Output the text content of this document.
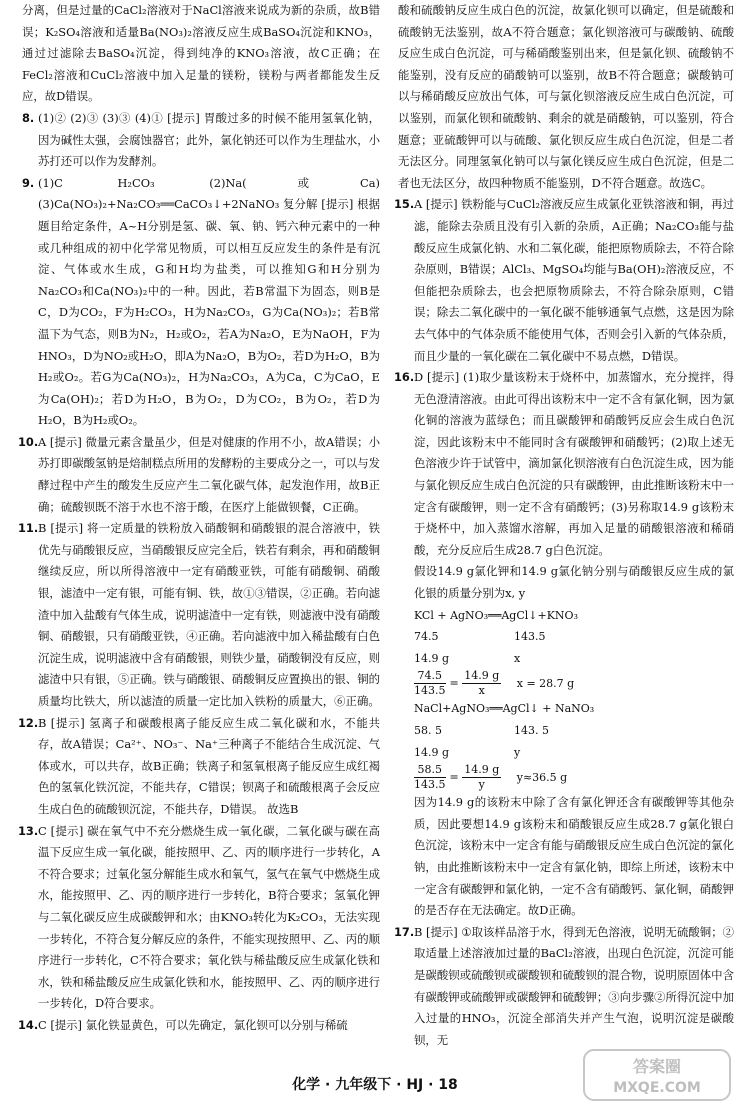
分离，但是过量的CaCl₂溶液对于NaCl溶液来说成为新的杂质，故B错误；K₂SO₄溶液和适量Ba(NO₃)₂溶液反应生成BaSO₄沉淀和KNO₃，通过过滤除去BaSO₄沉淀，得到纯净的KNO₃溶液，故C正确；在FeCl₂溶液和CuCl₂溶液中加入足量的镁粉，镁粉与两者都能发生反应，故D错误。

8. (1)② (2)③ (3)③ (4)① [提示] 胃酸过多的时候不能用氢氧化钠，因为碱性太强，会腐蚀器官；此外，氯化钠还可以作为生理盐水，小苏打还可以作为发酵剂。

9. (1)C H₂CO₃ (2)Na(或Ca) (3)Ca(NO₃)₂+Na₂CO₃══CaCO₃↓+2NaNO₃ 复分解 [提示] 根据题目给定条件，A~H分别是氢、碳、氧、钠、钙六种元素中的一种或几种组成的初中化学常见物质，可以相互反应发生的条件是有沉淀、气体或水生成，G和H均为盐类，可以推知G和H分别为Na₂CO₃和Ca(NO₃)₂中的一种。因此，若B常温下为固态，则B是C，D为CO₂，F为H₂CO₃，H为Na₂CO₃，G为Ca(NO₃)₂；若B常温下为气态，则B为N₂，H₂或O₂，若A为Na₂O，E为NaOH，F为HNO₃，D为NO₂或H₂O，即A为Na₂O，B为O₂，若D为H₂O，B为H₂或O₂。若G为Ca(NO₃)₂，H为Na₂CO₃，A为Ca，C为CaO，E为Ca(OH)₂；若D为H₂O，B为O₂，D为CO₂，B为O₂，若D为H₂O，B为H₂或O₂。

10. A [提示] 微量元素含量虽少，但是对健康的作用不小，故A错误；小苏打即碳酸氢钠是焙制糕点所用的发酵粉的主要成分之一，可以与发酵过程中产生的酸发生反应产生二氧化碳气体，起发泡作用，故B正确；硫酸钡既不溶于水也不溶于酸，在医疗上能做钡餐，C正确。

11. B [提示] 将一定质量的铁粉放入硝酸铜和硝酸银的混合溶液中，铁优先与硝酸银反应，当硝酸银反应完全后，铁若有剩余，再和硝酸铜继续反应，所以所得溶液中一定有硝酸亚铁，可能有硝酸铜、硝酸银，滤渣中一定有银，可能有铜、铁，故①③错误，②正确。若向滤渣中加入盐酸有气体生成，说明滤渣中一定有铁，则滤液中没有硝酸铜、硝酸银，只有硝酸亚铁，④正确。若向滤液中加入稀盐酸有白色沉淀生成，说明滤液中含有硝酸银，则铁少量，硝酸铜没有反应，则滤渣中只有银，⑤正确。铁与硝酸银、硝酸铜反应置换出的银、铜的质量均比铁大，所以滤渣的质量一定比加入铁粉的质量大，⑥正确。

12. B [提示] 氢离子和碳酸根离子能反应生成二氧化碳和水，不能共存，故A错误；Ca²⁺、NO₃⁻、Na⁺三种离子不能结合生成沉淀、气体或水，可以共存，故B正确；铁离子和氢氧根离子能反应生成红褐色的氢氧化铁沉淀，不能共存，C错误；钡离子和硫酸根离子会反应生成白色的硫酸钡沉淀，不能共存，D错误。 故选B

13. C [提示] 碳在氧气中不充分燃烧生成一氧化碳，二氧化碳与碳在高温下反应生成一氧化碳，能按照甲、乙、丙的顺序进行一步转化，A不符合要求；过氧化氢分解能生成水和氧气，氢气在氧气中燃烧生成水，能按照甲、乙、丙的顺序进行一步转化，B符合要求；氢氧化钾与二氧化碳反应生成碳酸钾和水；由KNO₃转化为K₂CO₃，无法实现一步转化，不符合复分解反应的条件，不能实现按照甲、乙、丙的顺序进行一步转化，C不符合要求；氧化铁与稀盐酸反应生成氯化铁和水，铁和稀盐酸反应生成氯化铁和水，能按照甲、乙、丙的顺序进行一步转化，D符合要求。

14. C [提示] 氯化铁显黄色，可以先确定，氯化钡可以分别与稀硫

酸和硫酸钠反应生成白色的沉淀，故氯化钡可以确定，但是硫酸和硫酸钠无法鉴别，故A不符合题意；氯化钡溶液可与碳酸钠、硫酸反应生成白色沉淀，可与稀硝酸鉴别出来，但是氯化钡、硫酸钠不能鉴别，没有反应的硝酸钠可以鉴别，故B不符合题意；碳酸钠可以与稀硝酸反应放出气体，可与氯化钡溶液反应生成白色沉淀，可以鉴别，而氯化钡和硫酸钠、剩余的就是硝酸钠，可以鉴别，符合题意；亚硫酸钾可以与硫酸、氯化钡反应生成白色沉淀，但是二者无法区分。同理氢氧化钠可以与氯化镁反应生成白色沉淀，但是二者也无法区分，故四种物质不能鉴别，D不符合题意。故选C。

15. A [提示] 铁粉能与CuCl₂溶液反应生成氯化亚铁溶液和铜，再过滤，能除去杂质且没有引入新的杂质，A正确；Na₂CO₃能与盐酸反应生成氯化钠、水和二氧化碳，能把原物质除去，不符合除杂原则，B错误；AlCl₃、MgSO₄均能与Ba(OH)₂溶液反应，不但能把杂质除去，也会把原物质除去，不符合除杂原则，C错误；除去二氧化碳中的一氧化碳不能够通氧气点燃，这是因为除去气体中的气体杂质不能使用气体，否则会引入新的气体杂质，而且少量的一氧化碳在二氧化碳中不易点燃，D错误。

16. D [提示] (1)取少量该粉末于烧杯中，加蒸馏水，充分搅拌，得无色澄清溶液。由此可得出该粉末中一定不含有氯化铜，因为氯化铜的溶液为蓝绿色；而且碳酸钾和硝酸钙反应会生成白色沉淀，因此该粉末中不能同时含有碳酸钾和硝酸钙；(2)取上述无色溶液少许于试管中，滴加氯化钡溶液有白色沉淀生成，因为能与氯化钡反应生成白色沉淀的只有碳酸钾，由此推断该粉末中一定含有碳酸钾，则一定不含有硝酸钙；(3)另称取14.9 g该粉末于烧杯中，加入蒸馏水溶解，再加入足量的硝酸银溶液和稀硝酸，充分反应后生成28.7 g白色沉淀。

假设14.9 g氯化钾和14.9 g氯化钠分别与硝酸银反应生成的氯化银的质量分别为x, y

KCl + AgNO₃══AgCl↓+KNO₃
74.5	143.5
14.9 g	x
$\frac{74.5}{143.5} = \frac{14.9 g}{x}$ x = 28.7 g
NaCl+AgNO₃══AgCl↓ + NaNO₃
58. 5	143. 5
14.9 g	y
$\frac{58.5}{143.5} = \frac{14.9 g}{y} y\approx 36.5$ g

因为14.9 g的该粉末中除了含有氯化钾还含有碳酸钾等其他杂质，因此要想14.9 g该粉末和硝酸银反应生成28.7 g氯化银白色沉淀，该粉末中一定含有能与硝酸银反应生成白色沉淀的氯化钠，由此推断该粉末中一定含有氯化钠，即综上所述，该粉末中一定含有碳酸钾和氯化钠，一定不含有硝酸钙、氯化铜，硝酸钾的是否存在无法确定。故D正确。

17. B [提示] ①取该样品溶于水，得到无色溶液，说明无硫酸铜；②取适量上述溶液加过量的BaCl₂溶液，出现白色沉淀，沉淀可能是碳酸钡或硫酸钡或碳酸钡和硫酸钡的混合物，说明原固体中含有碳酸钾或硫酸钾或碳酸钾和硫酸钾；③向步骤②所得沉淀中加入过量的HNO₃，沉淀全部消失并产生气泡，说明沉淀是碳酸钡，无

化学 · 九年级下 · HJ · 18
答案圈
MXQE.COM
